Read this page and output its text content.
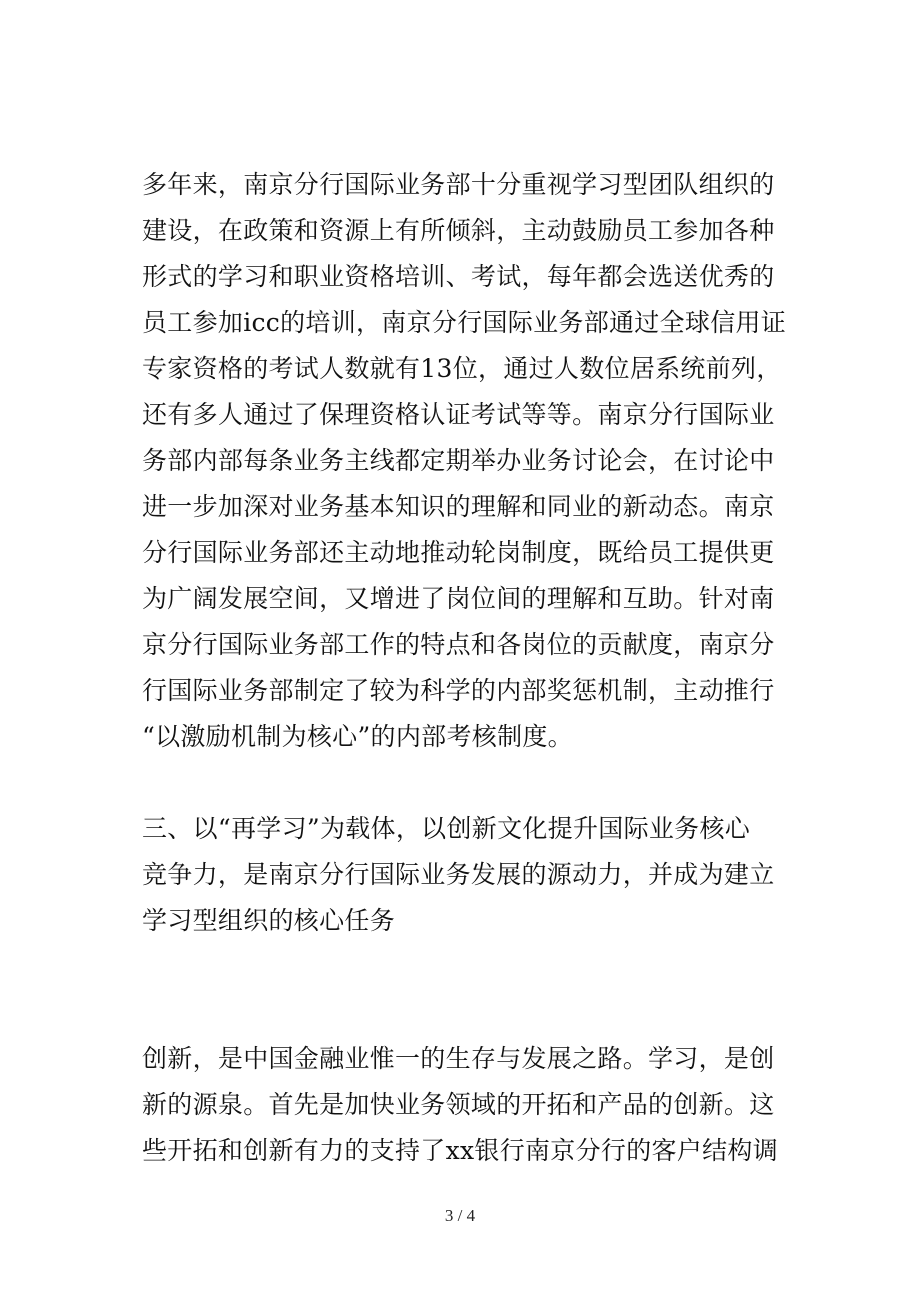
多年来，南京分行国际业务部十分重视学习型团队组织的
建设，在政策和资源上有所倾斜，主动鼓励员工参加各种
形式的学习和职业资格培训、考试，每年都会选送优秀的
员工参加icc的培训，南京分行国际业务部通过全球信用证
专家资格的考试人数就有13位，通过人数位居系统前列，
还有多人通过了保理资格认证考试等等。南京分行国际业
务部内部每条业务主线都定期举办业务讨论会，在讨论中
进一步加深对业务基本知识的理解和同业的新动态。南京
分行国际业务部还主动地推动轮岗制度，既给员工提供更
为广阔发展空间，又增进了岗位间的理解和互助。针对南
京分行国际业务部工作的特点和各岗位的贡献度，南京分
行国际业务部制定了较为科学的内部奖惩机制，主动推行
“以激励机制为核心”的内部考核制度。

三、以“再学习”为载体，以创新文化提升国际业务核心
竞争力，是南京分行国际业务发展的源动力，并成为建立
学习型组织的核心任务

创新，是中国金融业惟一的生存与发展之路。学习，是创
新的源泉。首先是加快业务领域的开拓和产品的创新。这
些开拓和创新有力的支持了xx银行南京分行的客户结构调

3 / 4
